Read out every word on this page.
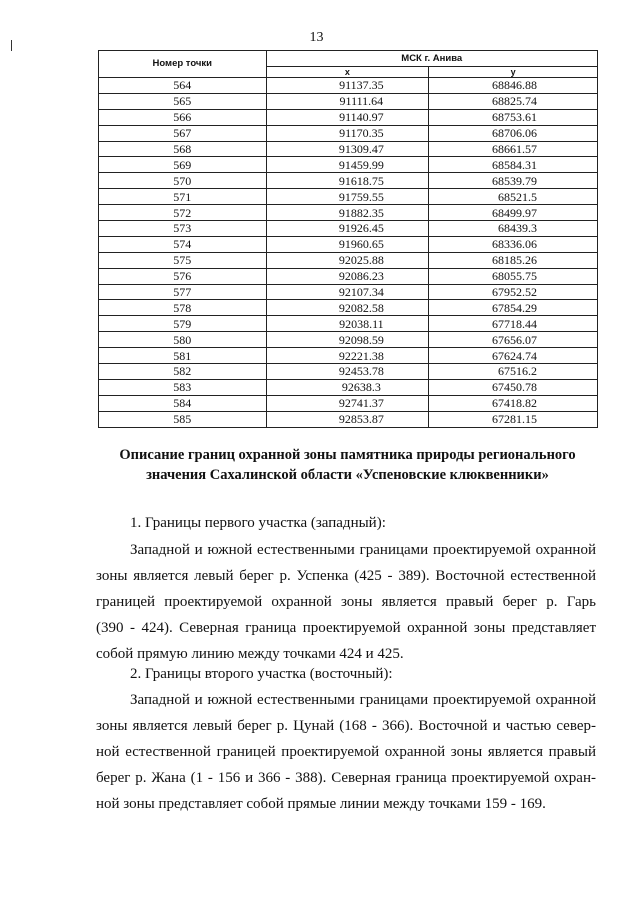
13
Номер точки	МСК г. Анива	
	x	y
564	91137.35	68846.88
565	91111.64	68825.74
566	91140.97	68753.61
567	91170.35	68706.06
568	91309.47	68661.57
569	91459.99	68584.31
570	91618.75	68539.79
571	91759.55	68521.5
572	91882.35	68499.97
573	91926.45	68439.3
574	91960.65	68336.06
575	92025.88	68185.26
576	92086.23	68055.75
577	92107.34	67952.52
578	92082.58	67854.29
579	92038.11	67718.44
580	92098.59	67656.07
581	92221.38	67624.74
582	92453.78	67516.2
583	92638.3	67450.78
584	92741.37	67418.82
585	92853.87	67281.15
Описание границ охранной зоны памятника природы регионального
значения Сахалинской области «Успеновские клюквенники»
1. Границы первого участка (западный):
Западной и южной естественными границами проектируемой охранной
зоны является левый берег р. Успенка (425 - 389). Восточной естественной
границей проектируемой охранной зоны является правый берег р. Гарь
(390 - 424). Северная граница проектируемой охранной зоны представляет
собой прямую линию между точками 424 и 425.
2. Границы второго участка (восточный):
Западной и южной естественными границами проектируемой охранной
зоны является левый берег р. Цунай (168 - 366). Восточной и частью север-
ной естественной границей проектируемой охранной зоны является правый
берег р. Жана (1 - 156 и 366 - 388). Северная граница проектируемой охран-
ной зоны представляет собой прямые линии между точками 159 - 169.
